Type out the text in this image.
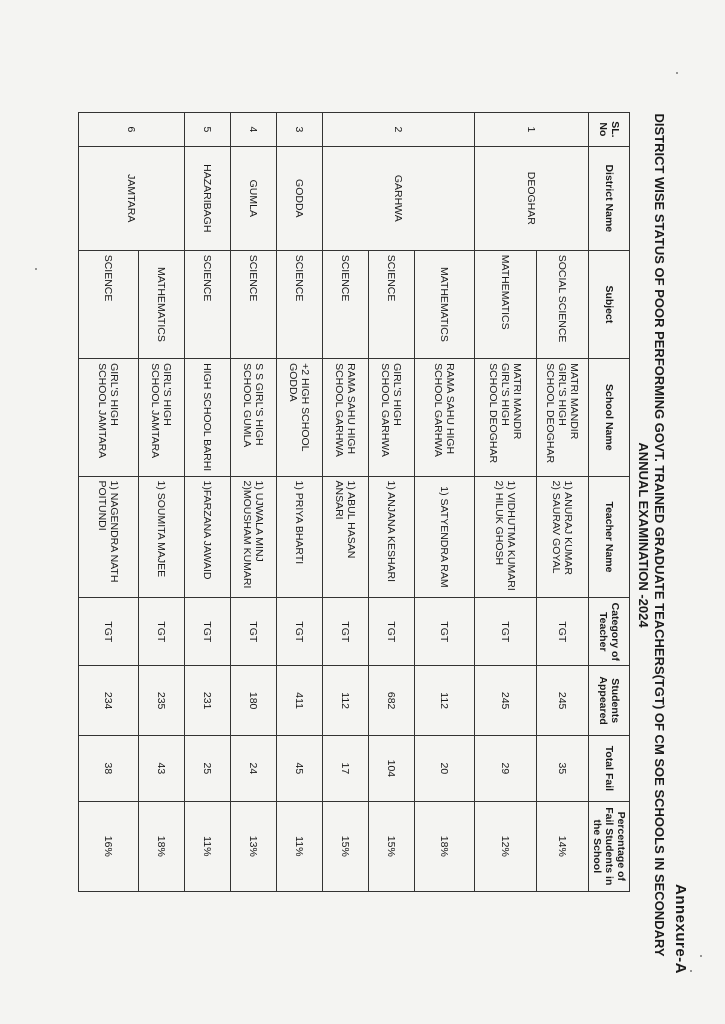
Annexure-A
DISTRICT WISE STATUS OF POOR PERFORMING GOVT. TRAINED GRADUATE TEACHERS(TGT) OF CM SOE SCHOOLS IN SECONDARY ANNUAL EXAMINATION -2024
SL. No	District Name	Subject	School Name	Teacher Name	Category of Teacher	Students Appeared	Total Fail	Percentage of Fail Students in the School
1	DEOGHAR	SOCIAL SCIENCE	MATRI MANDIR GIRL'S HIGH SCHOOL DEOGHAR	1) ANURAJ KUMAR
2) SAURAV GOYAL	TGT	245	35	14%
		MATHEMATICS	MATRI MANDIR GIRL'S HIGH SCHOOL DEOGHAR	1) VIDHUTMA KUMARI
2) HILUK GHOSH	TGT	245	29	12%
2	GARHWA	MATHEMATICS	RAMA SAHU HIGH SCHOOL GARHWA	1) SATYENDRA RAM	TGT	112	20	18%
		SCIENCE	GIRL'S HIGH SCHOOL GARHWA	1) ANJANA KESHARI	TGT	682	104	15%
		SCIENCE	RAMA SAHU HIGH SCHOOL GARHWA	1) ABUL HASAN ANSARI	TGT	112	17	15%
3	GODDA	SCIENCE	+2 HIGH SCHOOL GODDA	1) PRIYA BHARTI	TGT	411	45	11%
4	GUMLA	SCIENCE	S S GIRL'S HIGH SCHOOL GUMLA	1) UJWALA MINJ
2)MOUSHAM KUMARI	TGT	180	24	13%
5	HAZARIBAGH	SCIENCE	HIGH SCHOOL BARHI	1)FARZANA JAWAID	TGT	231	25	11%
6	JAMTARA	MATHEMATICS	GIRL'S HIGH SCHOOL JAMTARA	1) SOUMITA MAJEE	TGT	235	43	18%
		SCIENCE	GIRL'S HIGH SCHOOL JAMTARA	1) NAGENDRA NATH
POITUNDI	TGT	234	38	16%
